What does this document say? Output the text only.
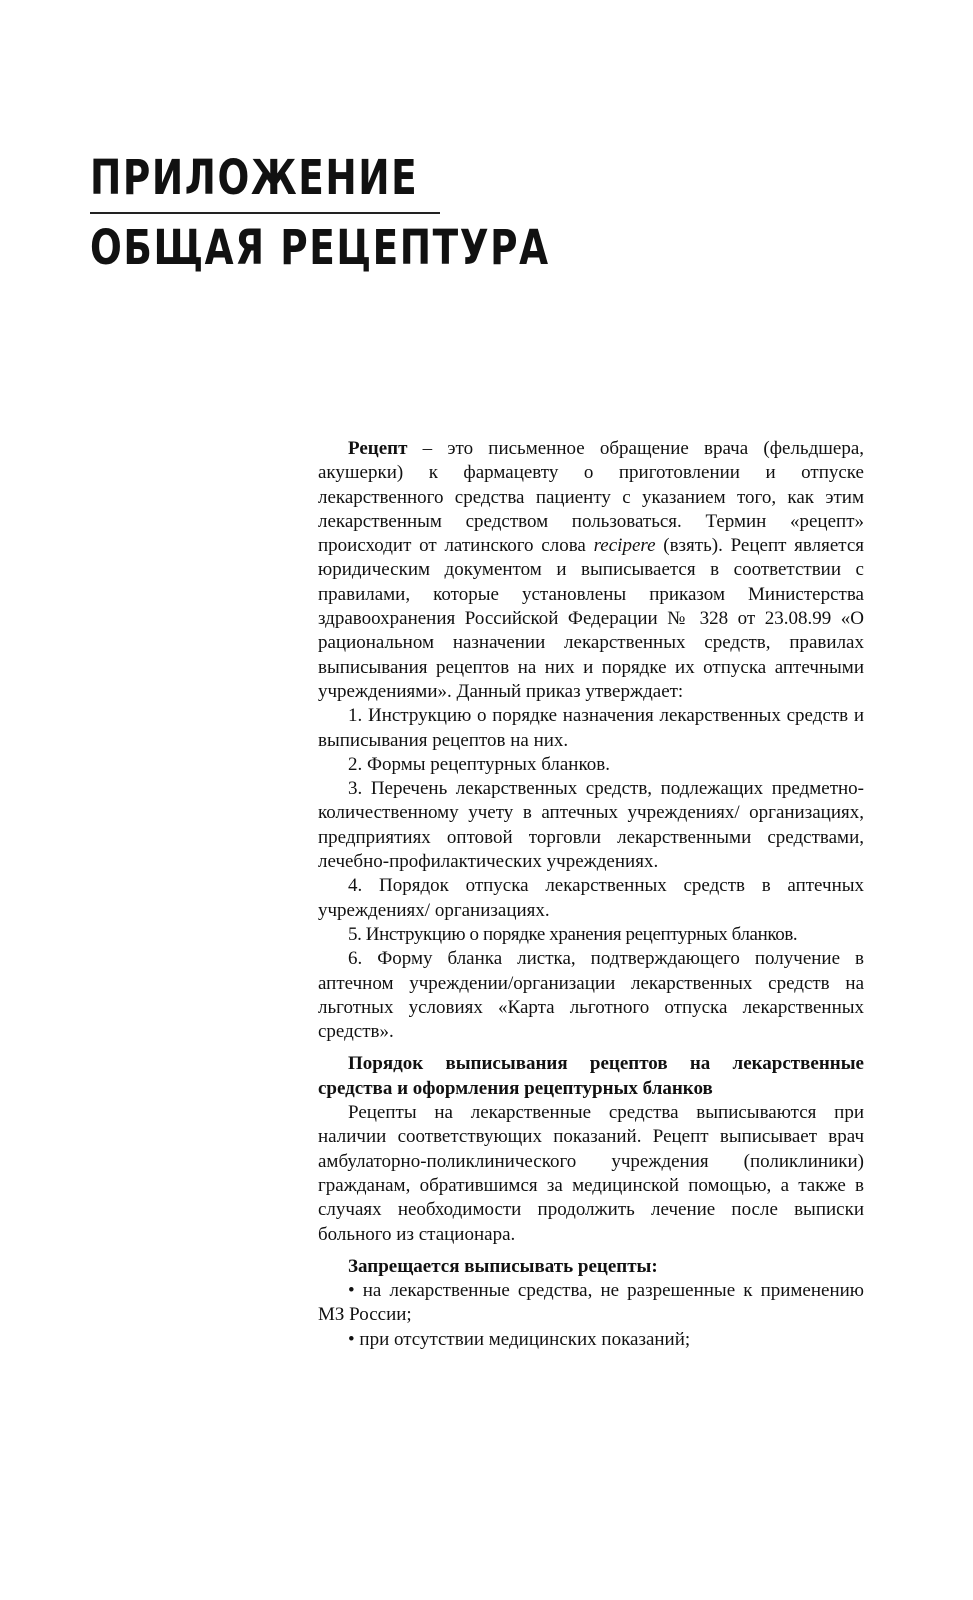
ПРИЛОЖЕНИЕ
ОБЩАЯ РЕЦЕПТУРА

Рецепт – это письменное обращение врача (фельдшера, акушерки) к фармацевту о приготовлении и отпуске лекарственного средства пациенту с указанием того, как этим лекарственным средством пользоваться. Термин «рецепт» происходит от латинского слова recipere (взять). Рецепт является юридическим документом и выписывается в соответствии с правилами, которые установлены приказом Министерства здравоохранения Российской Федерации № 328 от 23.08.99 «О рациональном назначении лекарственных средств, правилах выписывания рецептов на них и порядке их отпуска аптечными учреждениями». Данный приказ утверждает:

1. Инструкцию о порядке назначения лекарственных средств и выписывания рецептов на них.

2. Формы рецептурных бланков.

3. Перечень лекарственных средств, подлежащих предметно-количественному учету в аптечных учреждениях/ организациях, предприятиях оптовой торговли лекарственными средствами, лечебно-профилактических учреждениях.

4. Порядок отпуска лекарственных средств в аптечных учреждениях/ организациях.

5. Инструкцию о порядке хранения рецептурных бланков.

6. Форму бланка листка, подтверждающего получение в аптечном учреждении/организации лекарственных средств на льготных условиях «Карта льготного отпуска лекарственных средств».

Порядок выписывания рецептов на лекарственные средства и оформления рецептурных бланков

Рецепты на лекарственные средства выписываются при наличии соответствующих показаний. Рецепт выписывает врач амбулаторно-поликлинического учреждения (поликлиники) гражданам, обратившимся за медицинской помощью, а также в случаях необходимости продолжить лечение после выписки больного из стационара.

Запрещается выписывать рецепты:

• на лекарственные средства, не разрешенные к применению МЗ России;

• при отсутствии медицинских показаний;
